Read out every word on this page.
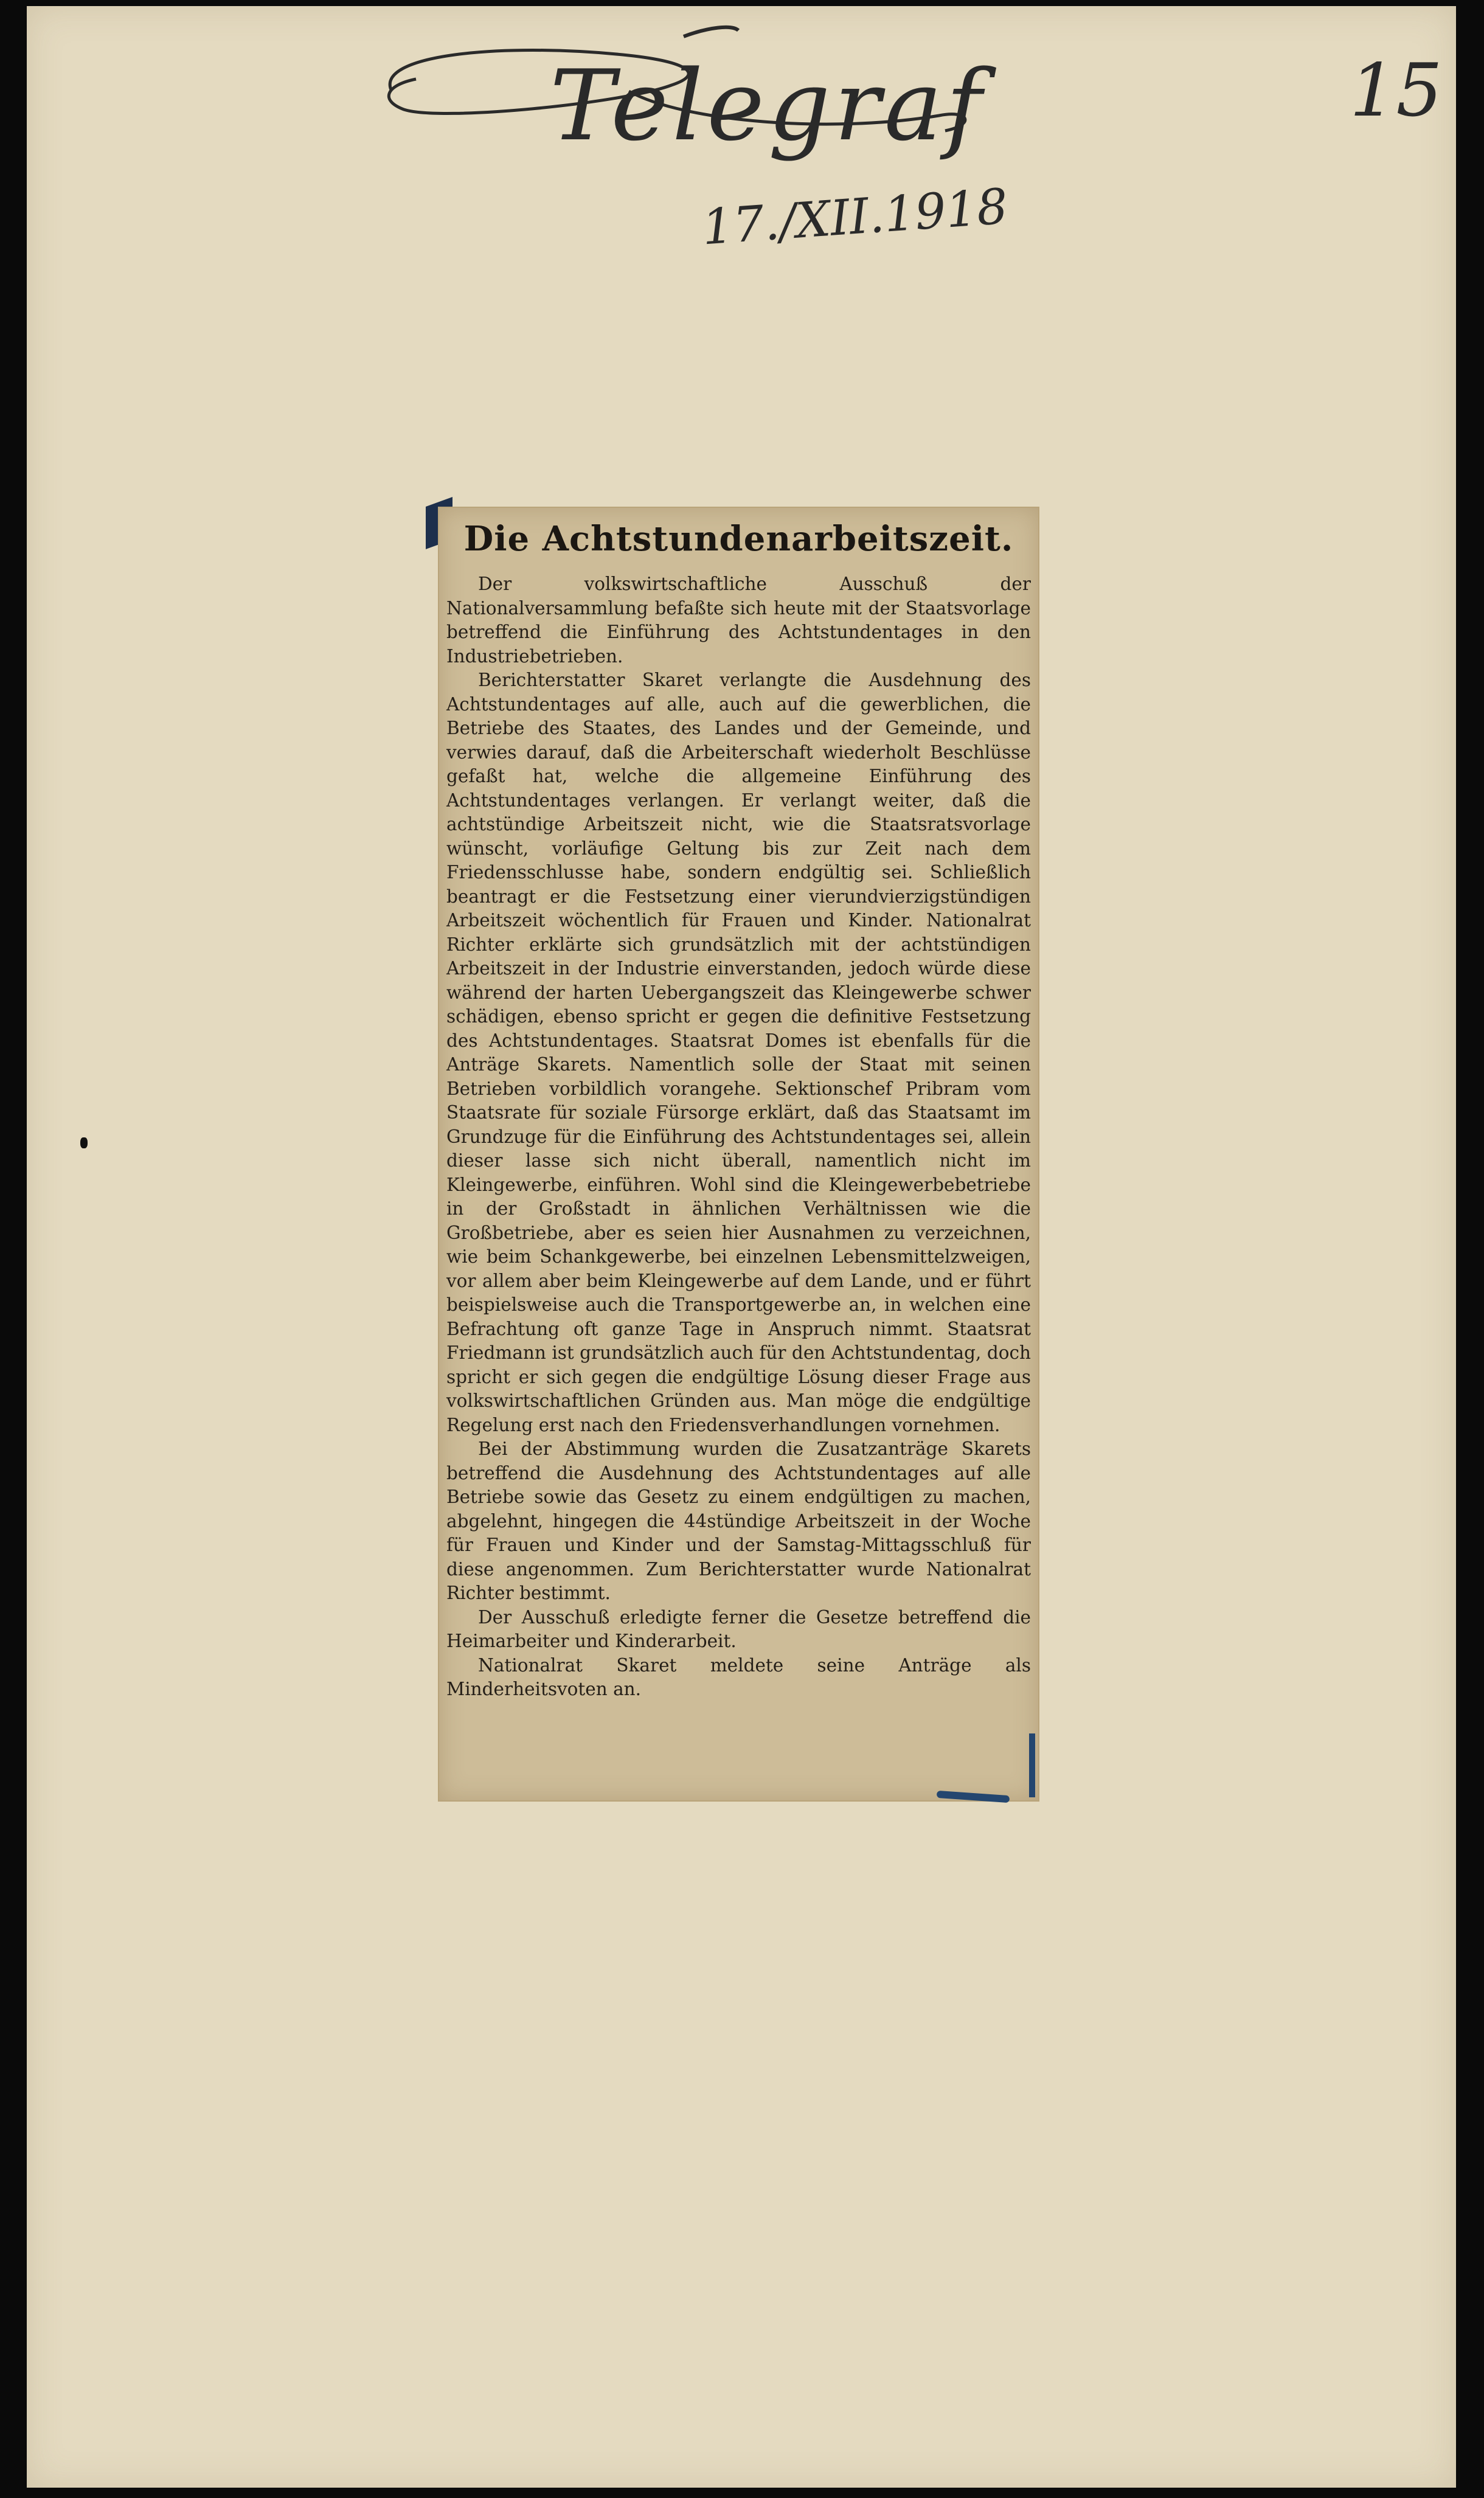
Telegraf
17./XII.1918
15
Die Achtstundenarbeitszeit.

Der volkswirtschaftliche Ausschuß der Nationalversammlung befaßte sich heute mit der Staatsvorlage betreffend die Einführung des Achtstundentages in den Industriebetrieben.

Berichterstatter Skaret verlangte die Ausdehnung des Achtstundentages auf alle, auch auf die gewerblichen, die Betriebe des Staates, des Landes und der Gemeinde, und verwies darauf, daß die Arbeiterschaft wiederholt Beschlüsse gefaßt hat, welche die allgemeine Einführung des Achtstundentages verlangen. Er verlangt weiter, daß die achtstündige Arbeitszeit nicht, wie die Staatsratsvorlage wünscht, vorläufige Geltung bis zur Zeit nach dem Friedensschlusse habe, sondern endgültig sei. Schließlich beantragt er die Festsetzung einer vierundvierzigstündigen Arbeitszeit wöchentlich für Frauen und Kinder. Nationalrat Richter erklärte sich grundsätzlich mit der achtstündigen Arbeitszeit in der Industrie einverstanden, jedoch würde diese während der harten Uebergangszeit das Kleingewerbe schwer schädigen, ebenso spricht er gegen die definitive Festsetzung des Achtstundentages. Staatsrat Domes ist ebenfalls für die Anträge Skarets. Namentlich solle der Staat mit seinen Betrieben vorbildlich vorangehe. Sektionschef Pribram vom Staatsrate für soziale Fürsorge erklärt, daß das Staatsamt im Grundzuge für die Einführung des Achtstundentages sei, allein dieser lasse sich nicht überall, namentlich nicht im Kleingewerbe, einführen. Wohl sind die Kleingewerbebetriebe in der Großstadt in ähnlichen Verhältnissen wie die Großbetriebe, aber es seien hier Ausnahmen zu verzeichnen, wie beim Schankgewerbe, bei einzelnen Lebensmittelzweigen, vor allem aber beim Kleingewerbe auf dem Lande, und er führt beispielsweise auch die Transportgewerbe an, in welchen eine Befrachtung oft ganze Tage in Anspruch nimmt. Staatsrat Friedmann ist grundsätzlich auch für den Achtstundentag, doch spricht er sich gegen die endgültige Lösung dieser Frage aus volkswirtschaftlichen Gründen aus. Man möge die endgültige Regelung erst nach den Friedensverhandlungen vornehmen.

Bei der Abstimmung wurden die Zusatzanträge Skarets betreffend die Ausdehnung des Achtstundentages auf alle Betriebe sowie das Gesetz zu einem endgültigen zu machen, abgelehnt, hingegen die 44stündige Arbeitszeit in der Woche für Frauen und Kinder und der Samstag-Mittagsschluß für diese angenommen. Zum Berichterstatter wurde Nationalrat Richter bestimmt.

Der Ausschuß erledigte ferner die Gesetze betreffend die Heimarbeiter und Kinderarbeit.

Nationalrat Skaret meldete seine Anträge als Minderheitsvoten an.
